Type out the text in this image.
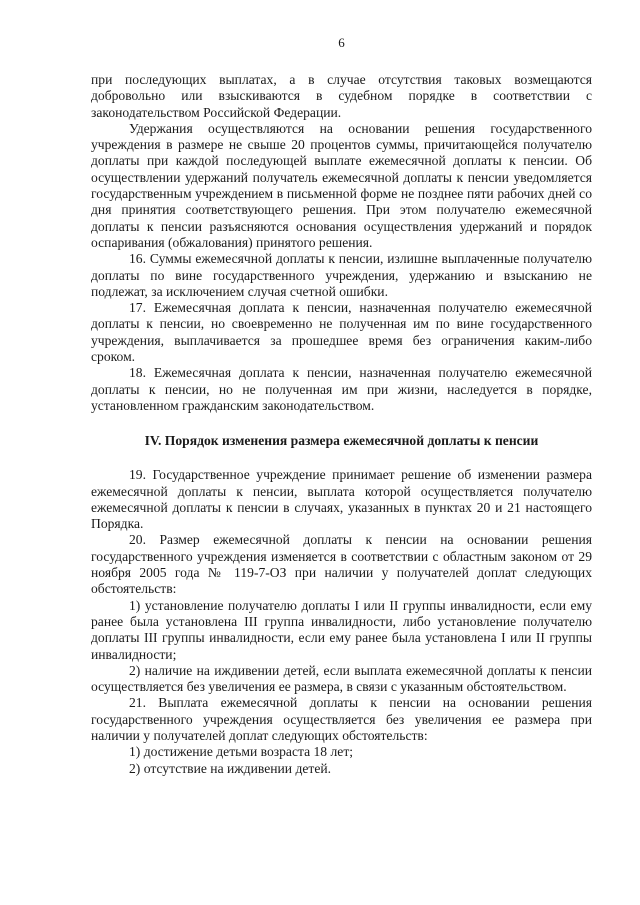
6

при последующих выплатах, а в случае отсутствия таковых возмещаются добровольно или взыскиваются в судебном порядке в соответствии с законодательством Российской Федерации.

Удержания осуществляются на основании решения государственного учреждения в размере не свыше 20 процентов суммы, причитающейся получателю доплаты при каждой последующей выплате ежемесячной доплаты к пенсии. Об осуществлении удержаний получатель ежемесячной доплаты к пенсии уведомляется государственным учреждением в письменной форме не позднее пяти рабочих дней со дня принятия соответствующего решения. При этом получателю ежемесячной доплаты к пенсии разъясняются основания осуществления удержаний и порядок оспаривания (обжалования) принятого решения.

16. Суммы ежемесячной доплаты к пенсии, излишне выплаченные получателю доплаты по вине государственного учреждения, удержанию и взысканию не подлежат, за исключением случая счетной ошибки.

17. Ежемесячная доплата к пенсии, назначенная получателю ежемесячной доплаты к пенсии, но своевременно не полученная им по вине государственного учреждения, выплачивается за прошедшее время без ограничения каким-либо сроком.

18. Ежемесячная доплата к пенсии, назначенная получателю ежемесячной доплаты к пенсии, но не полученная им при жизни, наследуется в порядке, установленном гражданским законодательством.

IV. Порядок изменения размера ежемесячной доплаты к пенсии

19. Государственное учреждение принимает решение об изменении размера ежемесячной доплаты к пенсии, выплата которой осуществляется получателю ежемесячной доплаты к пенсии в случаях, указанных в пунктах 20 и 21 настоящего Порядка.

20. Размер ежемесячной доплаты к пенсии на основании решения государственного учреждения изменяется в соответствии с областным законом от 29 ноября 2005 года № 119-7-ОЗ при наличии у получателей доплат следующих обстоятельств:

1) установление получателю доплаты I или II группы инвалидности, если ему ранее была установлена III группа инвалидности, либо установление получателю доплаты III группы инвалидности, если ему ранее была установлена I или II группы инвалидности;

2) наличие на иждивении детей, если выплата ежемесячной доплаты к пенсии осуществляется без увеличения ее размера, в связи с указанным обстоятельством.

21. Выплата ежемесячной доплаты к пенсии на основании решения государственного учреждения осуществляется без увеличения ее размера при наличии у получателей доплат следующих обстоятельств:

1) достижение детьми возраста 18 лет;

2) отсутствие на иждивении детей.
